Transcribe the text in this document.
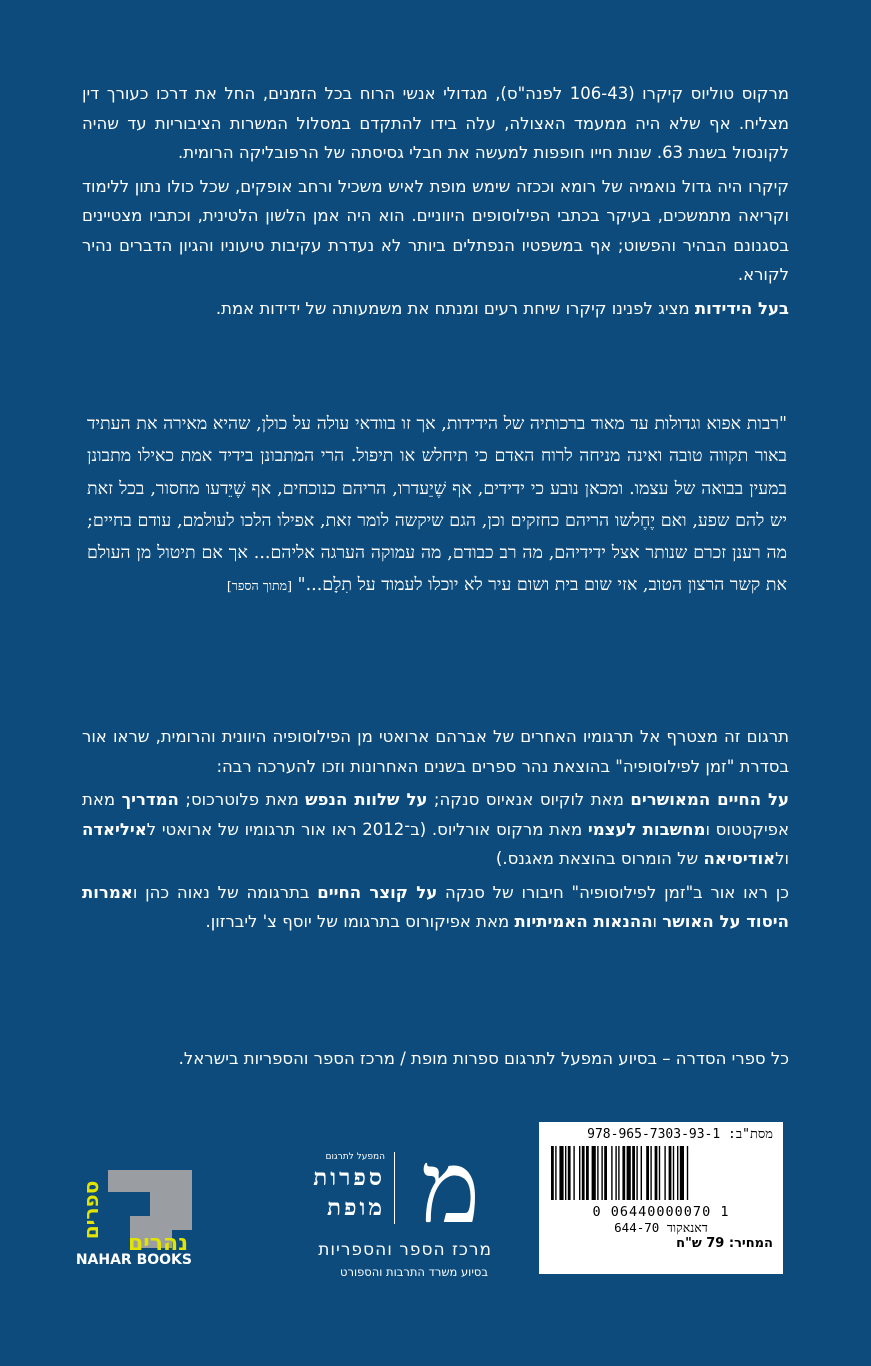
מרקוס טוליוס קיקרו (106-43 לפנה"ס), מגדולי אנשי הרוח בכל הזמנים, החל את דרכו כעורך דין מצליח. אף שלא היה ממעמד האצולה, עלה בידו להתקדם במסלול המשרות הציבוריות עד שהיה לקונסול בשנת 63. שנות חייו חופפות למעשה את חבלי גסיסתה של הרפובליקה הרומית.
קיקרו היה גדול נואמיה של רומא וככזה שימש מופת לאיש משכיל ורחב אופקים, שכל כולו נתון ללימוד וקריאה מתמשכים, בעיקר בכתבי הפילוסופים היווניים. הוא היה אמן הלשון הלטינית, וכתביו מצטיינים בסגנונם הבהיר והפשוט; אף במשפטיו הנפתלים ביותר לא נעדרת עקיבות טיעוניו והגיון הדברים נהיר לקורא.
בעל הידידות מציג לפנינו קיקרו שיחת רעים ומנתח את משמעותה של ידידות אמת.
"רבות אפוא וגדולות עד מאוד ברכותיה של הידידות, אך זו בוודאי עולה על כולן, שהיא מאירה את העתיד באור תקווה טובה ואינה מניחה לרוח האדם כי תיחלש או תיפול. הרי המתבונן בידיד אמת כאילו מתבונן במעין בבואה של עצמו. ומכאן נובע כי ידידים, אף שֶׁיֵעדרו, הריהם כנוכחים, אף שֶׁיֵדעו מחסור, בכל זאת יש להם שפע, ואם יֶחֶלשו הריהם כחזקים וכן, הגם שיקשה לומר זאת, אפילו הלכו לעולמם, עודם בחיים; מה רענן זכרם שנותר אצל ידידיהם, מה רב כבודם, מה עמוקה הערגה אליהם... אך אם תיטול מן העולם את קשר הרצון הטוב, אזי שום בית ושום עיר לא יוכלו לעמוד על תִלָם..." [מתוך הספר]
תרגום זה מצטרף אל תרגומיו האחרים של אברהם ארואטי מן הפילוסופיה היוונית והרומית, שראו אור בסדרת "זמן לפילוסופיה" בהוצאת נהר ספרים בשנים האחרונות וזכו להערכה רבה:
על החיים המאושרים מאת לוקיוס אנאיוס סנקה; על שלוות הנפש מאת פלוטרכוס; המדריך מאת אפיקטטוס ומחשבות לעצמי מאת מרקוס אורליוס. (ב־2012 ראו אור תרגומיו של ארואטי לאיליאדה ולאודיסיאה של הומרוס בהוצאת מאגנס.)
כן ראו אור ב"זמן לפילוסופיה" חיבורו של סנקה על קוצר החיים בתרגומה של נאוה כהן ואמרות היסוד על האושר וההנאות האמיתיות מאת אפיקורוס בתרגומו של יוסף צ' ליברזון.
כל ספרי הסדרה – בסיוע המפעל לתרגום ספרות מופת / מרכז הספר והספריות בישראל.
מסת"ב: 978-965-7303-93-1
0 06440000070 1
דאנאקוד 644-70
המחיר: 79 ש"ח
מ
המפעל לתרגום
ספרות
מופת
מרכז הספר והספריות
בסיוע משרד התרבות והספורט
ספרים
נהרים
NAHAR BOOKS
